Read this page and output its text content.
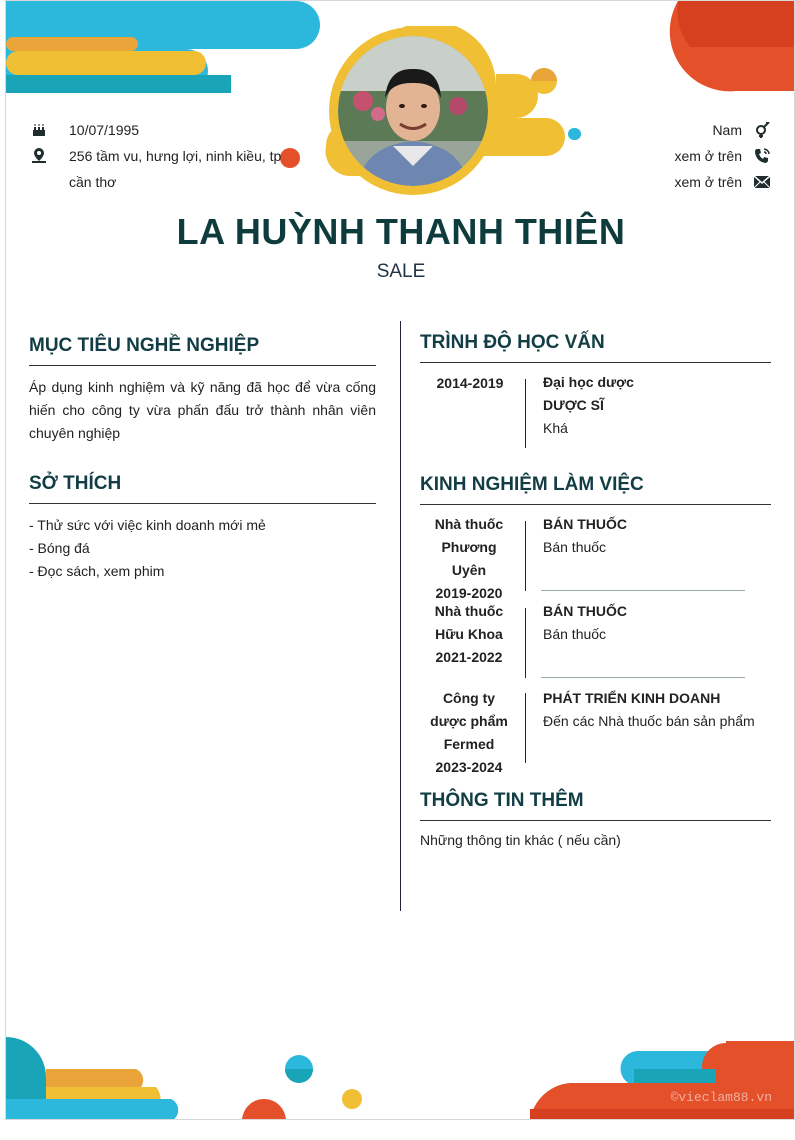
10/07/1995
256 tầm vu, hưng lợi, ninh kiều, tp cần thơ
Nam
xem ở trên
xem ở trên
LA HUỲNH THANH THIÊN
SALE
MỤC TIÊU NGHỀ NGHIỆP
Áp dụng kinh nghiệm và kỹ năng đã học để vừa cống hiến cho công ty vừa phấn đấu trở thành nhân viên chuyên nghiệp
SỞ THÍCH
- Thử sức với việc kinh doanh mới mẻ
- Bóng đá
- Đọc sách, xem phim
TRÌNH ĐỘ HỌC VẤN
2014-2019	Đại học dược
DƯỢC SĨ
Khá
KINH NGHIỆM LÀM VIỆC
Nhà thuốc Phương Uyên
2019-2020
BÁN THUỐC
Bán thuốc
Nhà thuốc Hữu Khoa
2021-2022
BÁN THUỐC
Bán thuốc
Công ty dược phẩm Fermed
2023-2024
PHÁT TRIỂN KINH DOANH
Đến các Nhà thuốc bán sản phẩm
THÔNG TIN THÊM
Những thông tin khác ( nếu cần)
©vieclam88.vn
